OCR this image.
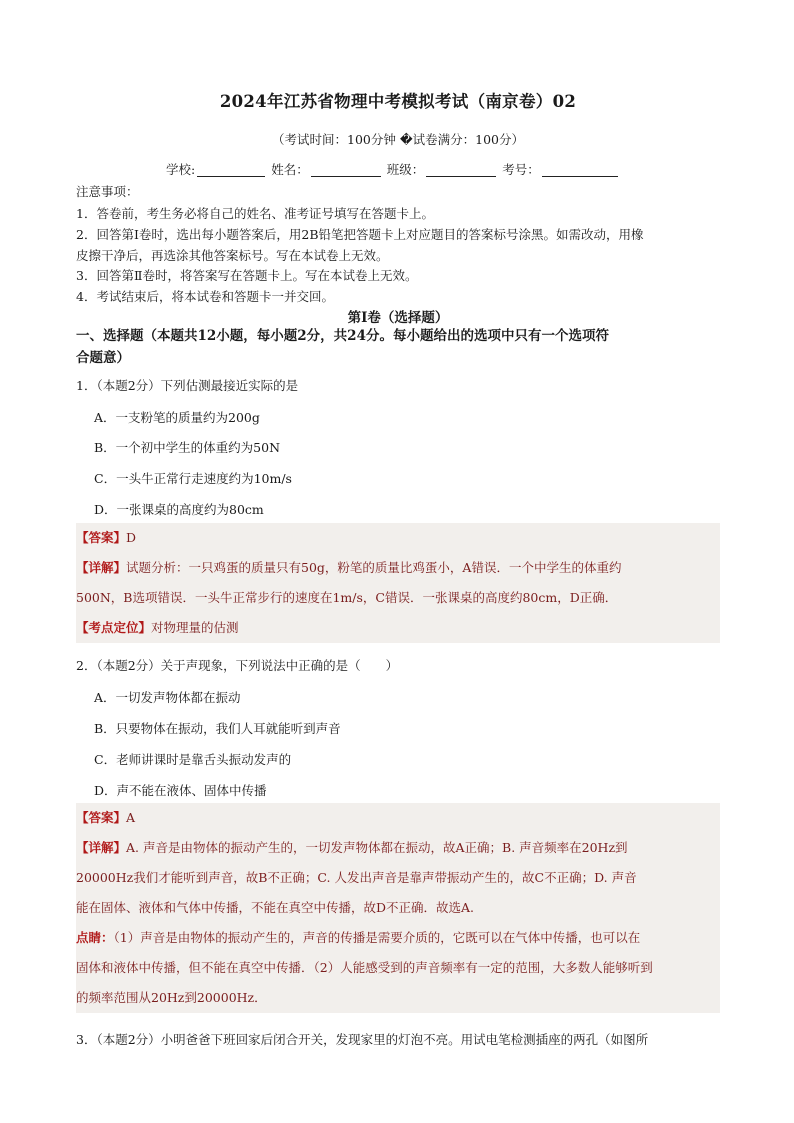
2024年江苏省物理中考模拟考试（南京卷）02
（考试时间：100分钟 �试卷满分：100分）
学校:	姓名：	班级：	考号：
注意事项：
1．答卷前，考生务必将自己的姓名、准考证号填写在答题卡上。
2．回答第Ⅰ卷时，选出每小题答案后，用2B铅笔把答题卡上对应题目的答案标号涂黑。如需改动，用橡
皮擦干净后，再选涂其他答案标号。写在本试卷上无效。
3．回答第Ⅱ卷时，将答案写在答题卡上。写在本试卷上无效。
4．考试结束后，将本试卷和答题卡一并交回。
第Ⅰ卷（选择题）
一、选择题（本题共12小题，每小题2分，共24分。每小题给出的选项中只有一个选项符
合题意）
1．（本题2分）下列估测最接近实际的是
A．一支粉笔的质量约为200g
B．一个初中学生的体重约为50N
C．一头牛正常行走速度约为10m/s
D．一张课桌的高度约为80cm
【答案】D
【详解】试题分析：一只鸡蛋的质量只有50g，粉笔的质量比鸡蛋小，A错误．一个中学生的体重约
500N，B选项错误．一头牛正常步行的速度在1m/s，C错误．一张课桌的高度约80cm，D正确．
【考点定位】对物理量的估测
2．（本题2分）关于声现象，下列说法中正确的是（　　）
A．一切发声物体都在振动
B．只要物体在振动，我们人耳就能听到声音
C．老师讲课时是靠舌头振动发声的
D．声不能在液体、固体中传播
【答案】A
【详解】A. 声音是由物体的振动产生的，一切发声物体都在振动，故A正确；B. 声音频率在20Hz到
20000Hz我们才能听到声音，故B不正确；C. 人发出声音是靠声带振动产生的，故C不正确；D. 声音
能在固体、液体和气体中传播，不能在真空中传播，故D不正确．故选A.
点睛：（1）声音是由物体的振动产生的，声音的传播是需要介质的，它既可以在气体中传播，也可以在
固体和液体中传播，但不能在真空中传播．（2）人能感受到的声音频率有一定的范围，大多数人能够听到
的频率范围从20Hz到20000Hz．
3．（本题2分）小明爸爸下班回家后闭合开关，发现家里的灯泡不亮。用试电笔检测插座的两孔（如图所
